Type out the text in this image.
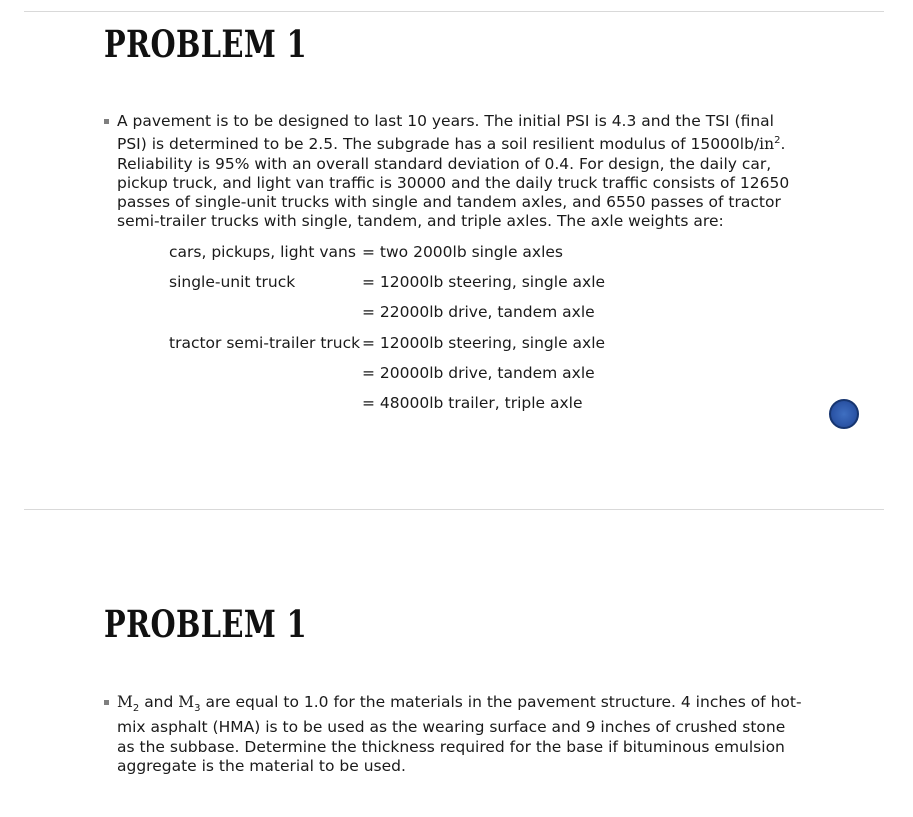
PROBLEM 1
A pavement is to be designed to last 10 years. The initial PSI is 4.3 and the TSI (final PSI) is determined to be 2.5. The subgrade has a soil resilient modulus of $15000lb/in^2$. Reliability is 95% with an overall standard deviation of 0.4. For design, the daily car, pickup truck, and light van traffic is 30000 and the daily truck traffic consists of 12650 passes of single-unit trucks with single and tandem axles, and 6550 passes of tractor semi-trailer trucks with single, tandem, and triple axles. The axle weights are:
cars, pickups, light vans = two 2000lb single axles
single-unit truck	= 12000lb steering, single axle
= 22000lb drive, tandem axle
tractor semi-trailer truck = 12000lb steering, single axle
= 20000lb drive, tandem axle
= 48000lb trailer, triple axle
PROBLEM 1
$M_2$ and $M_3$ are equal to 1.0 for the materials in the pavement structure. 4 inches of hot-mix asphalt (HMA) is to be used as the wearing surface and 9 inches of crushed stone as the subbase. Determine the thickness required for the base if bituminous emulsion aggregate is the material to be used.
